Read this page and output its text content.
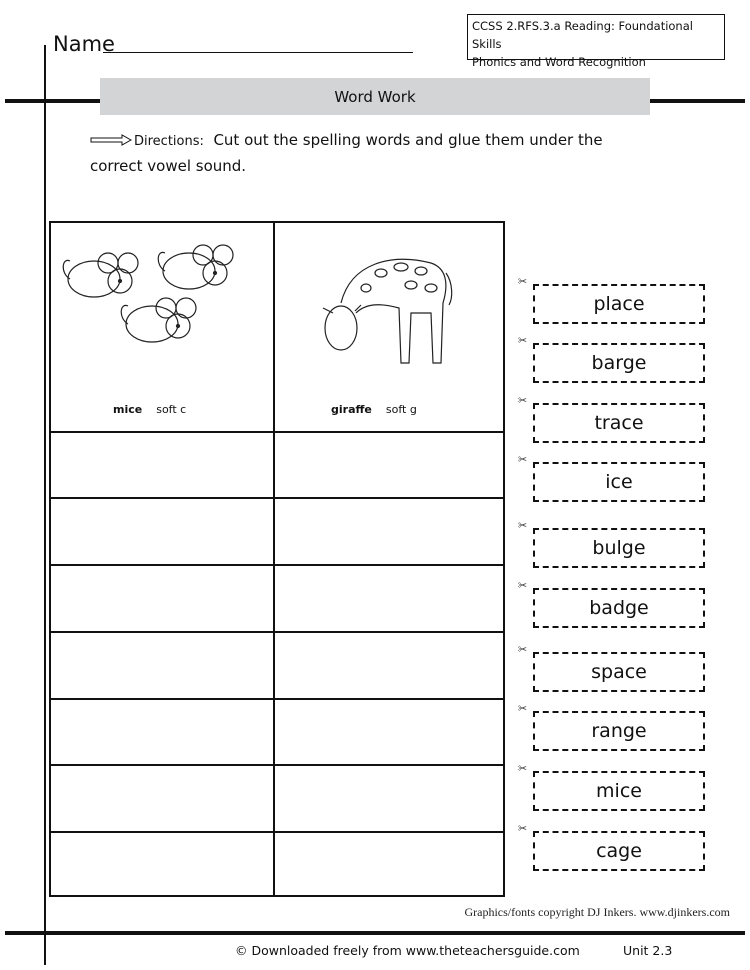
Name
CCSS 2.RFS.3.a Reading: Foundational Skills
Phonics and Word Recognition
Word Work
Directions: Cut out the spelling words and glue them under the correct vowel sound.
mice soft c	giraffe soft g
✂
place
✂
barge
✂
trace
✂
ice
✂
bulge
✂
badge
✂
space
✂
range
✂
mice
✂
cage
Graphics/fonts copyright DJ Inkers. www.djinkers.com
© Downloaded freely from www.theteachersguide.com	Unit 2.3
